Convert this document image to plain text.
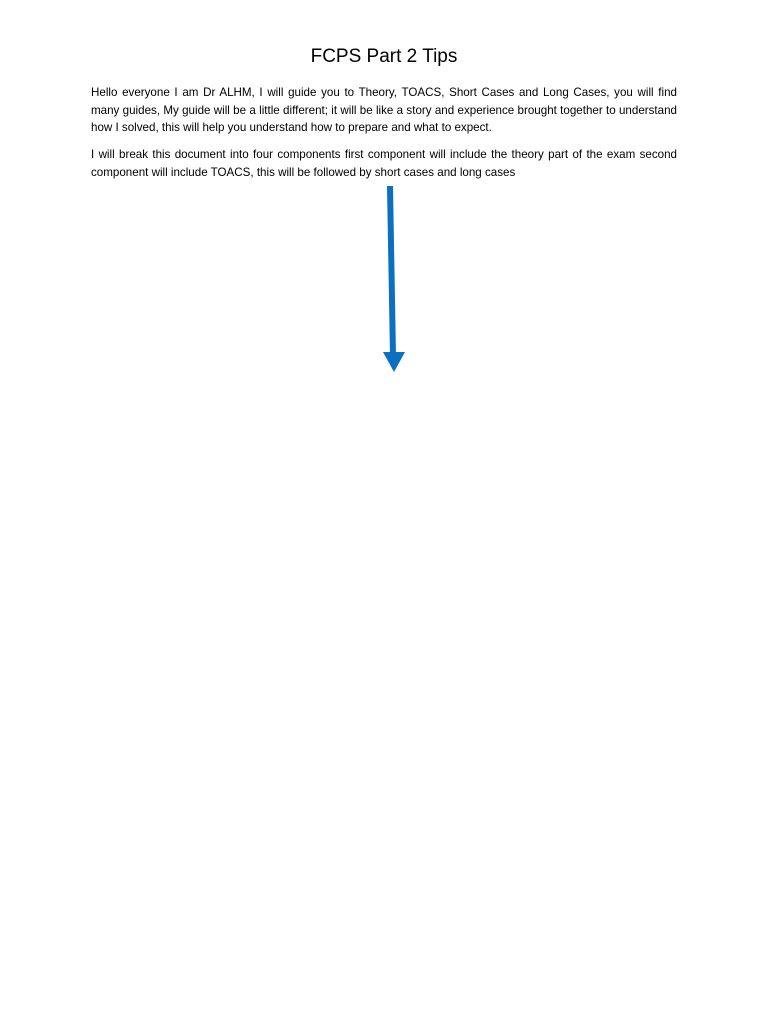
FCPS Part 2 Tips

Hello everyone I am Dr ALHM, I will guide you to Theory, TOACS, Short Cases and Long Cases, you will find many guides, My guide will be a little different; it will be like a story and experience brought together to understand how I solved, this will help you understand how to prepare and what to expect.

I will break this document into four components first component will include the theory part of the exam second component will include TOACS, this will be followed by short cases and long cases
